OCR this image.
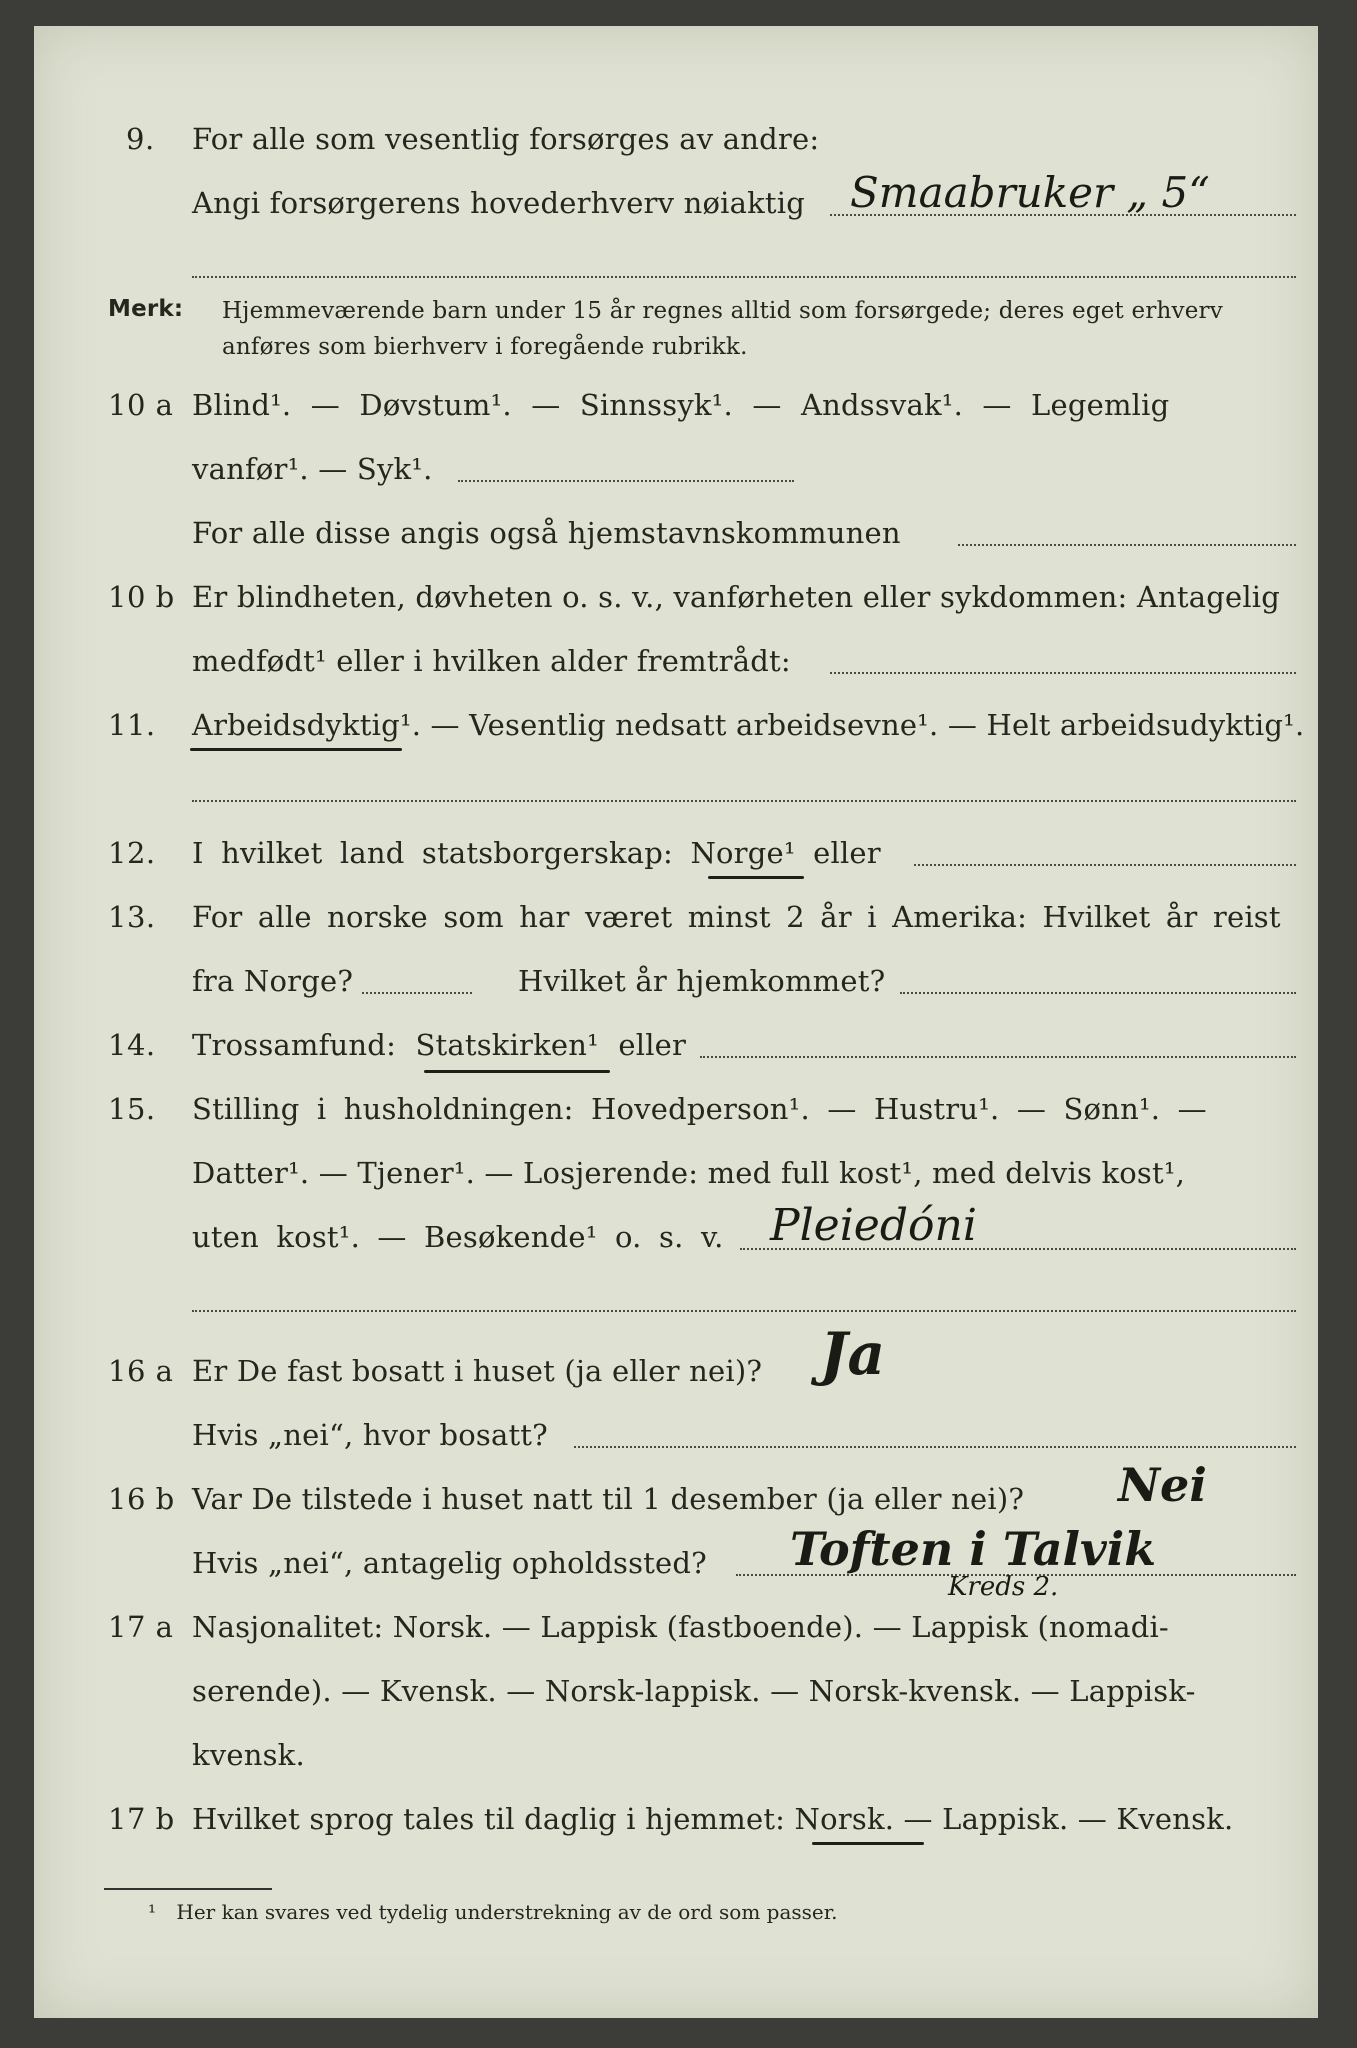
9. For alle som vesentlig forsørges av andre:
Angi forsørgerens hovederhverv nøiaktig Smaabruker „ 5“
Merk: Hjemmeværende barn under 15 år regnes alltid som forsørgede; deres eget erhverv
anføres som bierhverv i foregående rubrikk.
10 a Blind¹. — Døvstum¹. — Sinnssyk¹. — Andssvak¹. — Legemlig
vanfør¹. — Syk¹.
For alle disse angis også hjemstavnskommunen
10 b Er blindheten, døvheten o. s. v., vanførheten eller sykdommen: Antagelig
medfødt¹ eller i hvilken alder fremtrådt:
11. Arbeidsdyktig¹. — Vesentlig nedsatt arbeidsevne¹. — Helt arbeidsudyktig¹.
12. I hvilket land statsborgerskap: Norge¹ eller
13. For alle norske som har været minst 2 år i Amerika: Hvilket år reist
fra Norge?	Hvilket år hjemkommet?
14. Trossamfund: Statskirken¹ eller
15. Stilling i husholdningen: Hovedperson¹. — Hustru¹. — Sønn¹. —
Datter¹. — Tjener¹. — Losjerende: med full kost¹, med delvis kost¹,
uten kost¹. — Besøkende¹ o. s. v. Pleiedóni
16 a Er De fast bosatt i huset (ja eller nei)? Ja
Hvis „nei“, hvor bosatt?
16 b Var De tilstede i huset natt til 1 desember (ja eller nei)? Nei
Hvis „nei“, antagelig opholdssted? Toften i Talvik
Kreds 2.
17 a Nasjonalitet: Norsk. — Lappisk (fastboende). — Lappisk (nomadi-
serende). — Kvensk. — Norsk-lappisk. — Norsk-kvensk. — Lappisk-
kvensk.
17 b Hvilket sprog tales til daglig i hjemmet: Norsk. — Lappisk. — Kvensk.
¹ Her kan svares ved tydelig understrekning av de ord som passer.
